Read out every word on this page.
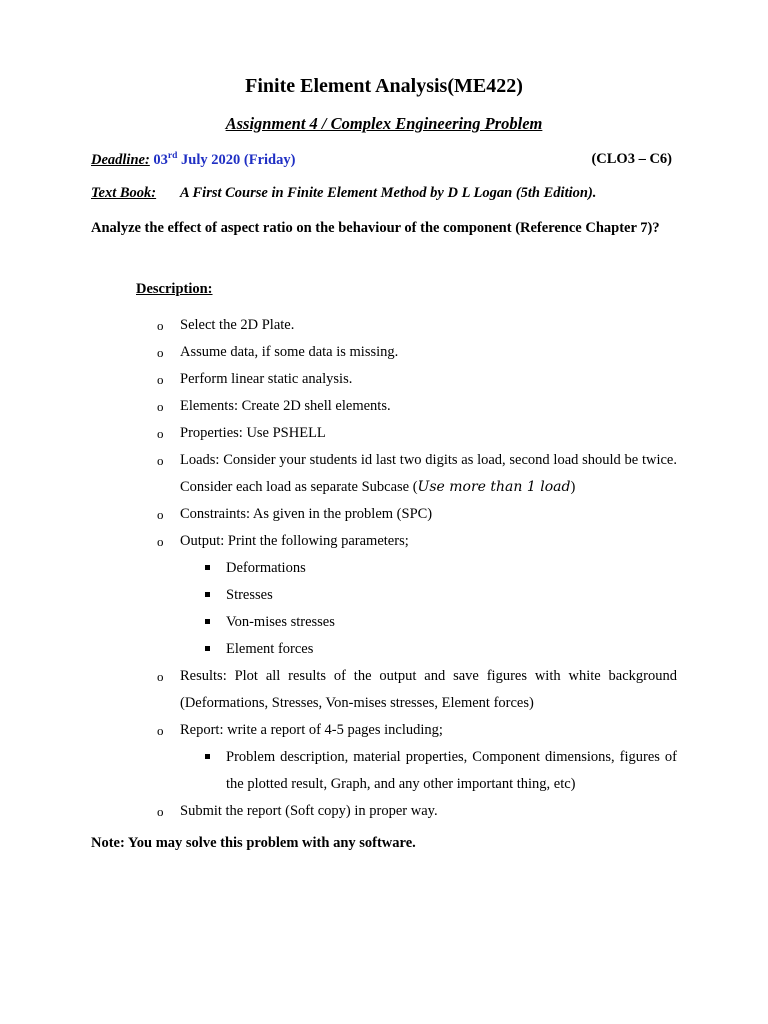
Finite Element Analysis(ME422)
Assignment 4 / Complex Engineering Problem
Deadline: 03rd July 2020 (Friday)	(CLO3 – C6)
Text Book: A First Course in Finite Element Method by D L Logan (5th Edition).
Analyze the effect of aspect ratio on the behaviour of the component (Reference Chapter 7)?
Description:
o Select the 2D Plate.
o Assume data, if some data is missing.
o Perform linear static analysis.
o Elements: Create 2D shell elements.
o Properties: Use PSHELL
o Loads: Consider your students id last two digits as load, second load should be twice. Consider each load as separate Subcase (Use more than 1 load)
o Constraints: As given in the problem (SPC)
o Output: Print the following parameters;
Deformations
Stresses
Von-mises stresses
Element forces
o Results: Plot all results of the output and save figures with white background (Deformations, Stresses, Von-mises stresses, Element forces)
o Report: write a report of 4-5 pages including;
Problem description, material properties, Component dimensions, figures of the plotted result, Graph, and any other important thing, etc)
o Submit the report (Soft copy) in proper way.
Note: You may solve this problem with any software.
